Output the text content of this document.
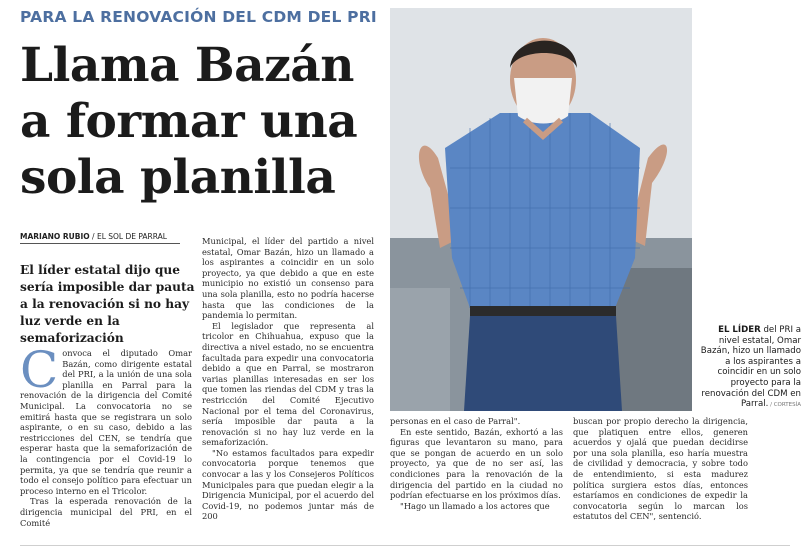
PARA LA RENOVACIÓN DEL CDM DEL PRI
Llama Bazán
a formar una
sola planilla
MARIANO RUBIO / EL SOL DE PARRAL
El líder estatal dijo que sería imposible dar pauta a la renovación si no hay luz verde en la semaforización

Convoca el diputado Omar Bazán, como dirigente estatal del PRI, a la unión de una sola planilla en Parral para la renovación de la dirigencia del Comité Municipal. La convocatoria no se emitirá hasta que se registrara un solo aspirante, o en su caso, debido a las restricciones del CEN, se tendría que esperar hasta que la semaforización de la contingencia por el Covid-19 lo permita, ya que se tendría que reunir a todo el consejo político para efectuar un proceso interno en el Tricolor.

Tras la esperada renovación de la dirigencia municipal del PRI, en el Comité

Municipal, el líder del partido a nivel estatal, Omar Bazán, hizo un llamado a los aspirantes a coincidir en un solo proyecto, ya que debido a que en este municipio no existió un consenso para una sola planilla, esto no podría hacerse hasta que las condiciones de la pandemia lo permitan.

El legislador que representa al tricolor en Chihuahua, expuso que la directiva a nivel estado, no se encuentra facultada para expedir una convocatoria debido a que en Parral, se mostraron varias planillas interesadas en ser los que tomen las riendas del CDM y tras la restricción del Comité Ejecutivo Nacional por el tema del Coronavirus, sería imposible dar pauta a la renovación si no hay luz verde en la semaforización.

"No estamos facultados para expedir convocatoria porque tenemos que convocar a las y los Consejeros Políticos Municipales para que puedan elegir a la Dirigencia Municipal, por el acuerdo del Covid-19, no podemos juntar más de 200

EL LÍDER del PRI a nivel estatal, Omar Bazán, hizo un llamado a los aspirantes a coincidir en un solo proyecto para la renovación del CDM en Parral. / CORTESÍA

personas en el caso de Parral".

En este sentido, Bazán, exhortó a las figuras que levantaron su mano, para que se pongan de acuerdo en un solo proyecto, ya que de no ser así, las condiciones para la renovación de la dirigencia del partido en la ciudad no podrían efectuarse en los próximos días.

"Hago un llamado a los actores que

buscan por propio derecho la dirigencia, que platiquen entre ellos, generen acuerdos y ojalá que puedan decidirse por una sola planilla, eso haría muestra de civilidad y democracia, y sobre todo de entendimiento, si esta madurez política surgiera estos días, entonces estaríamos en condiciones de expedir la convocatoria según lo marcan los estatutos del CEN", sentenció.
